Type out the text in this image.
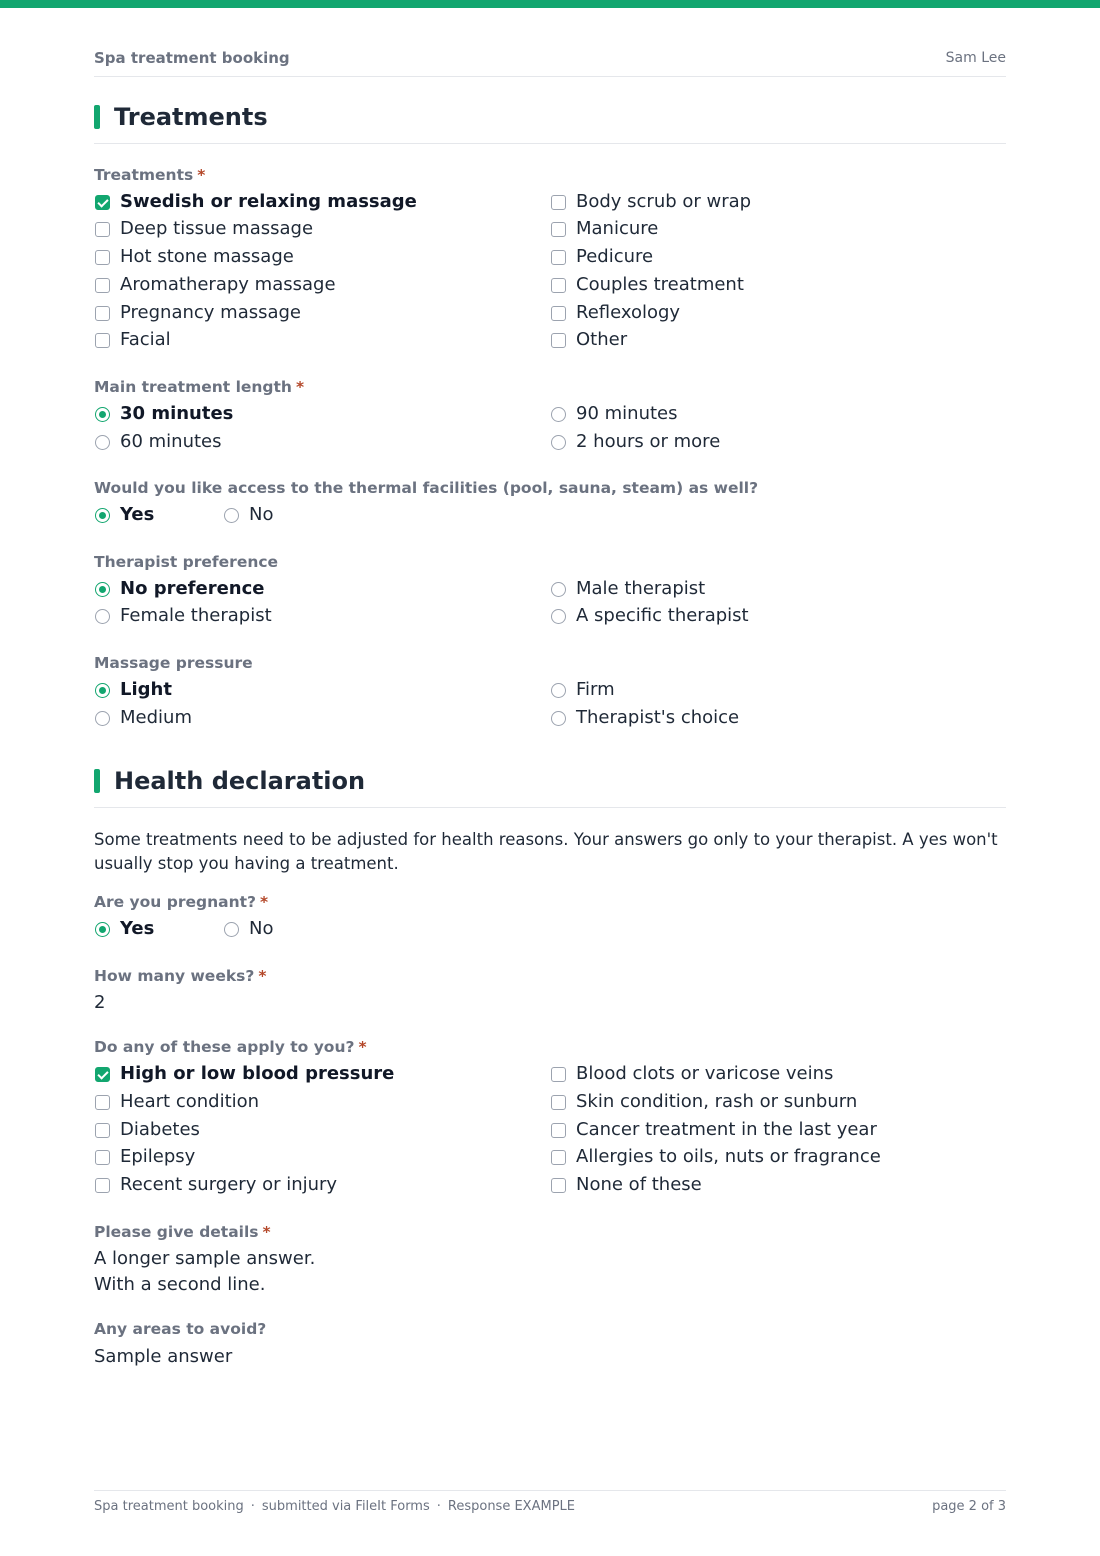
Spa treatment booking	Sam Lee
Treatments
Treatments *
Swedish or relaxing massage
Deep tissue massage
Hot stone massage
Aromatherapy massage
Pregnancy massage
Facial
Body scrub or wrap
Manicure
Pedicure
Couples treatment
Reflexology
Other
Main treatment length *
30 minutes
60 minutes
90 minutes
2 hours or more
Would you like access to the thermal facilities (pool, sauna, steam) as well?
Yes	No
Therapist preference
No preference
Female therapist
Male therapist
A specific therapist
Massage pressure
Light
Medium
Firm
Therapist's choice
Health declaration
Some treatments need to be adjusted for health reasons. Your answers go only to your therapist. A yes won't usually stop you having a treatment.
Are you pregnant? *
Yes	No
How many weeks? *
2
Do any of these apply to you? *
High or low blood pressure
Heart condition
Diabetes
Epilepsy
Recent surgery or injury
Blood clots or varicose veins
Skin condition, rash or sunburn
Cancer treatment in the last year
Allergies to oils, nuts or fragrance
None of these
Please give details *
A longer sample answer.
With a second line.
Any areas to avoid?
Sample answer
Spa treatment booking · submitted via FileIt Forms · Response EXAMPLE	page 2 of 3
